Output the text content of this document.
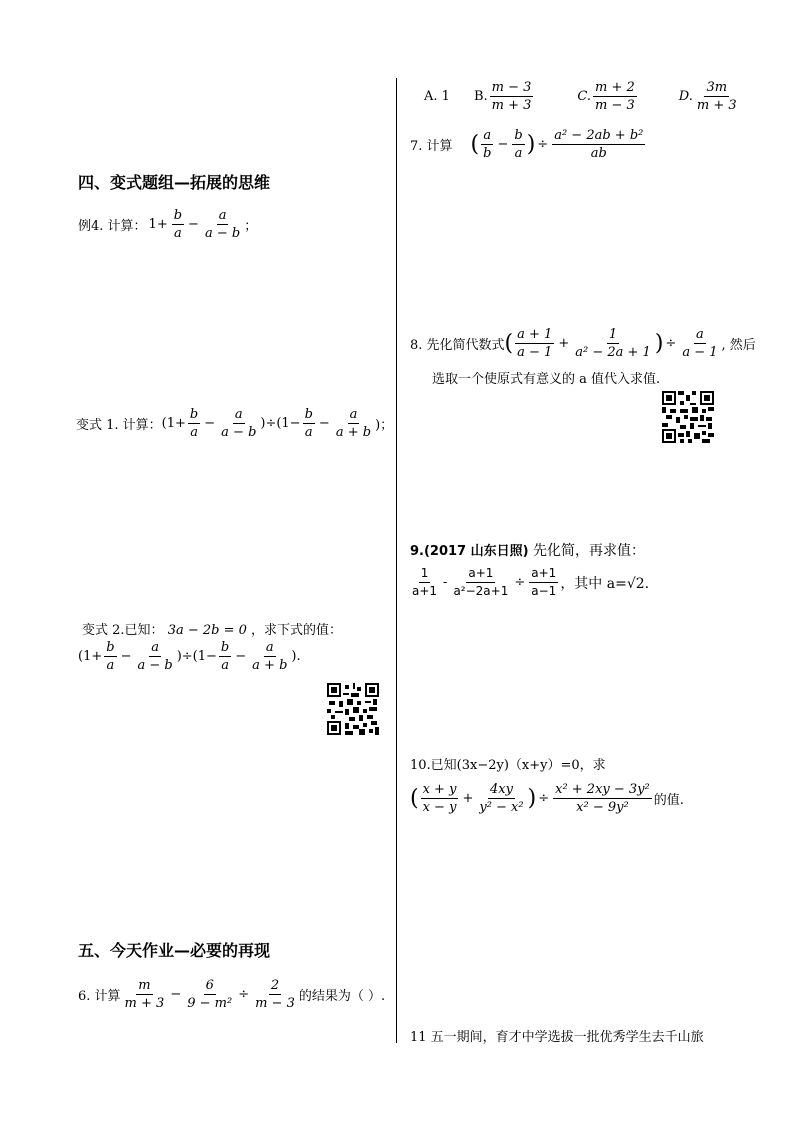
四、变式题组—拓展的思维
例4. 计算： $1+ \frac{b}{a} - \frac{a}{a - b}$ ；
变式 1. 计算： $(1+ \frac{b}{a} - \frac{a}{a - b} )\div(1- \frac{b}{a} - \frac{a}{a + b}$ )；
变式 2.已知： 3a − 2b = 0 ，求下式的值：
$(1+ \frac{b}{a} - \frac{a}{a - b} )\div(1- \frac{b}{a} - \frac{a}{a + b}$ ).
五、今天作业—必要的再现
6. 计算 $\frac{m}{m + 3} - \frac{6}{\text{9 − m²}} \div \frac{2}{m - 3}$ 的结果为（ ）.
A. 1 B. $\frac{m - 3}{m + 3}$	C. $\frac{m + 2}{m - 3}$	D. $\frac{3m}{m + 3}$
7. 计算 ( $\frac{a}{b} - \frac{b}{a}$ ) ÷ $\frac{\text{a² − 2ab + b²}}{ab}$
8. 先化简代数式 ( $\frac{a + 1}{a - 1} + \frac{1}{\text{a² − 2a + 1}}$ ) ÷ $\frac{a}{a - 1}$ , 然后
选取一个使原式有意义的 a 值代入求值.
9.(2017 山东日照) 先化简，再求值：
$\frac{1}{a+1} - \frac{a+1}{\text{a²−2a+1}} \div \frac{a+1}{a-1}$ ，其中 a=√2.
10.已知(3x−2y)（x+y）=0，求
( $\frac{x + y}{x - y} + \frac{4xy}{\text{y² − x²}}$ ) ÷ $\frac{\text{x² + 2xy − 3y²}}{\text{x² − 9y²}}$ 的值.
11 五一期间，育才中学选拔一批优秀学生去千山旅
